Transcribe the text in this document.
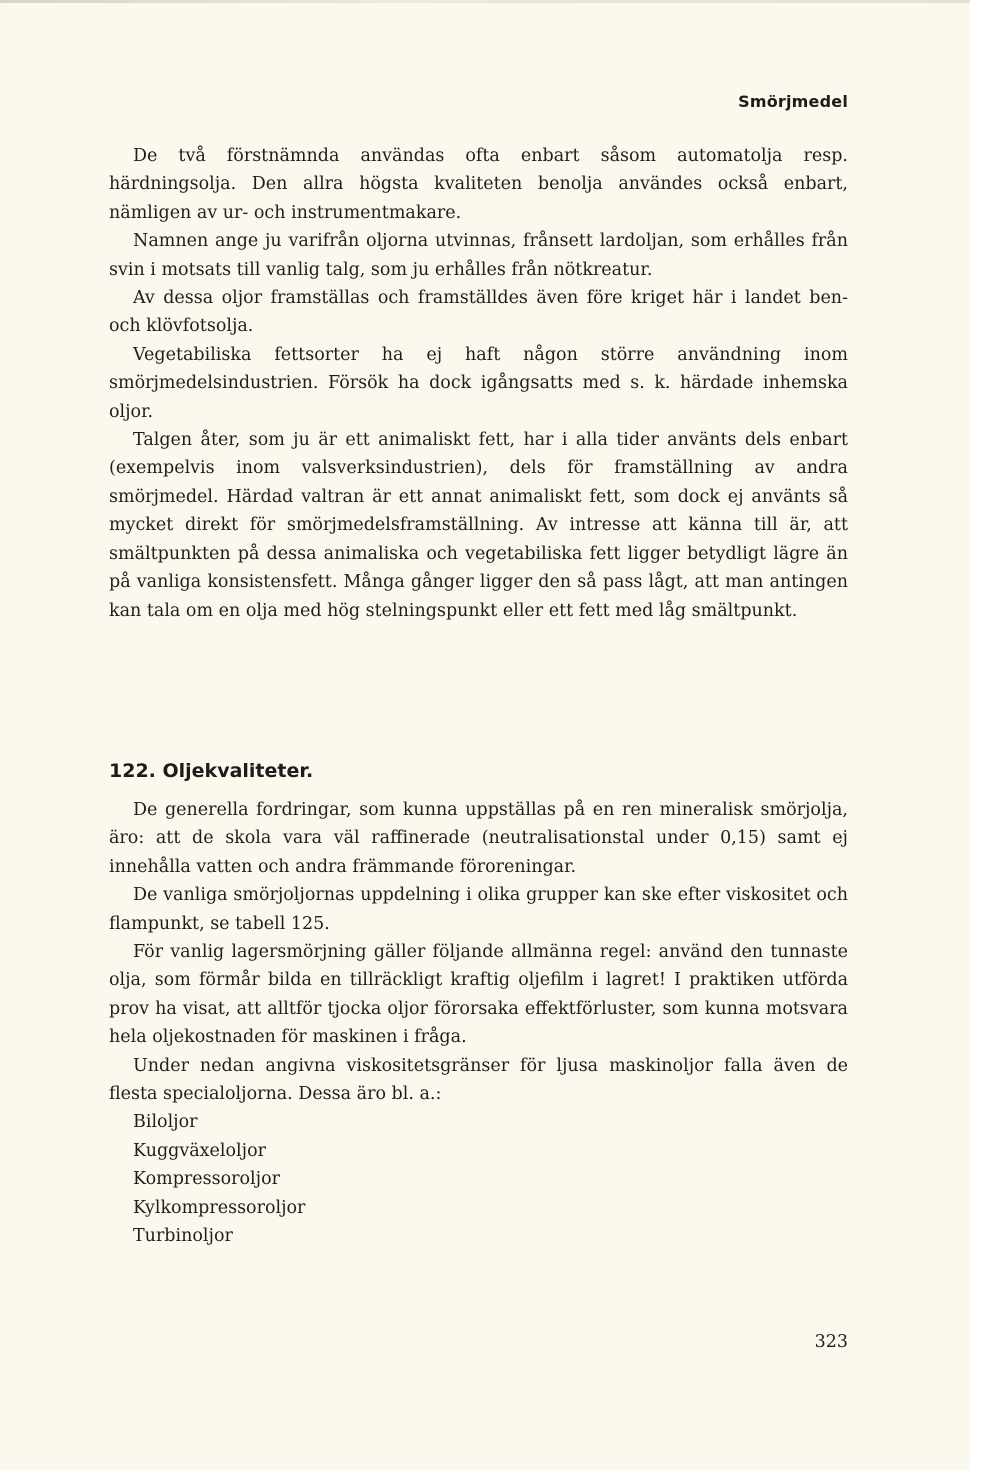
Smörjmedel

De två förstnämnda användas ofta enbart såsom automatolja resp. härdningsolja. Den allra högsta kvaliteten benolja användes också enbart, nämligen av ur- och instrumentmakare.

Namnen ange ju varifrån oljorna utvinnas, frånsett lardoljan, som erhålles från svin i motsats till vanlig talg, som ju erhålles från nötkreatur.

Av dessa oljor framställas och framställdes även före kriget här i landet ben- och klövfotsolja.

Vegetabiliska fettsorter ha ej haft någon större användning inom smörjmedelsindustrien. Försök ha dock igångsatts med s. k. härdade inhemska oljor.

Talgen åter, som ju är ett animaliskt fett, har i alla tider använts dels enbart (exempelvis inom valsverksindustrien), dels för framställning av andra smörjmedel. Härdad valtran är ett annat animaliskt fett, som dock ej använts så mycket direkt för smörjmedelsframställning. Av intresse att känna till är, att smältpunkten på dessa animaliska och vegetabiliska fett ligger betydligt lägre än på vanliga konsistensfett. Många gånger ligger den så pass lågt, att man antingen kan tala om en olja med hög stelningspunkt eller ett fett med låg smältpunkt.

122. Oljekvaliteter.

De generella fordringar, som kunna uppställas på en ren mineralisk smörjolja, äro: att de skola vara väl raffinerade (neutralisationstal under 0,15) samt ej innehålla vatten och andra främmande föroreningar.

De vanliga smörjoljornas uppdelning i olika grupper kan ske efter viskositet och flampunkt, se tabell 125.

För vanlig lagersmörjning gäller följande allmänna regel: använd den tunnaste olja, som förmår bilda en tillräckligt kraftig oljefilm i lagret! I praktiken utförda prov ha visat, att alltför tjocka oljor förorsaka effektförluster, som kunna motsvara hela oljekostnaden för maskinen i fråga.

Under nedan angivna viskositetsgränser för ljusa maskinoljor falla även de flesta specialoljorna. Dessa äro bl. a.:

Biloljor
Kuggväxeloljor
Kompressoroljor
Kylkompressoroljor
Turbinoljor
323
